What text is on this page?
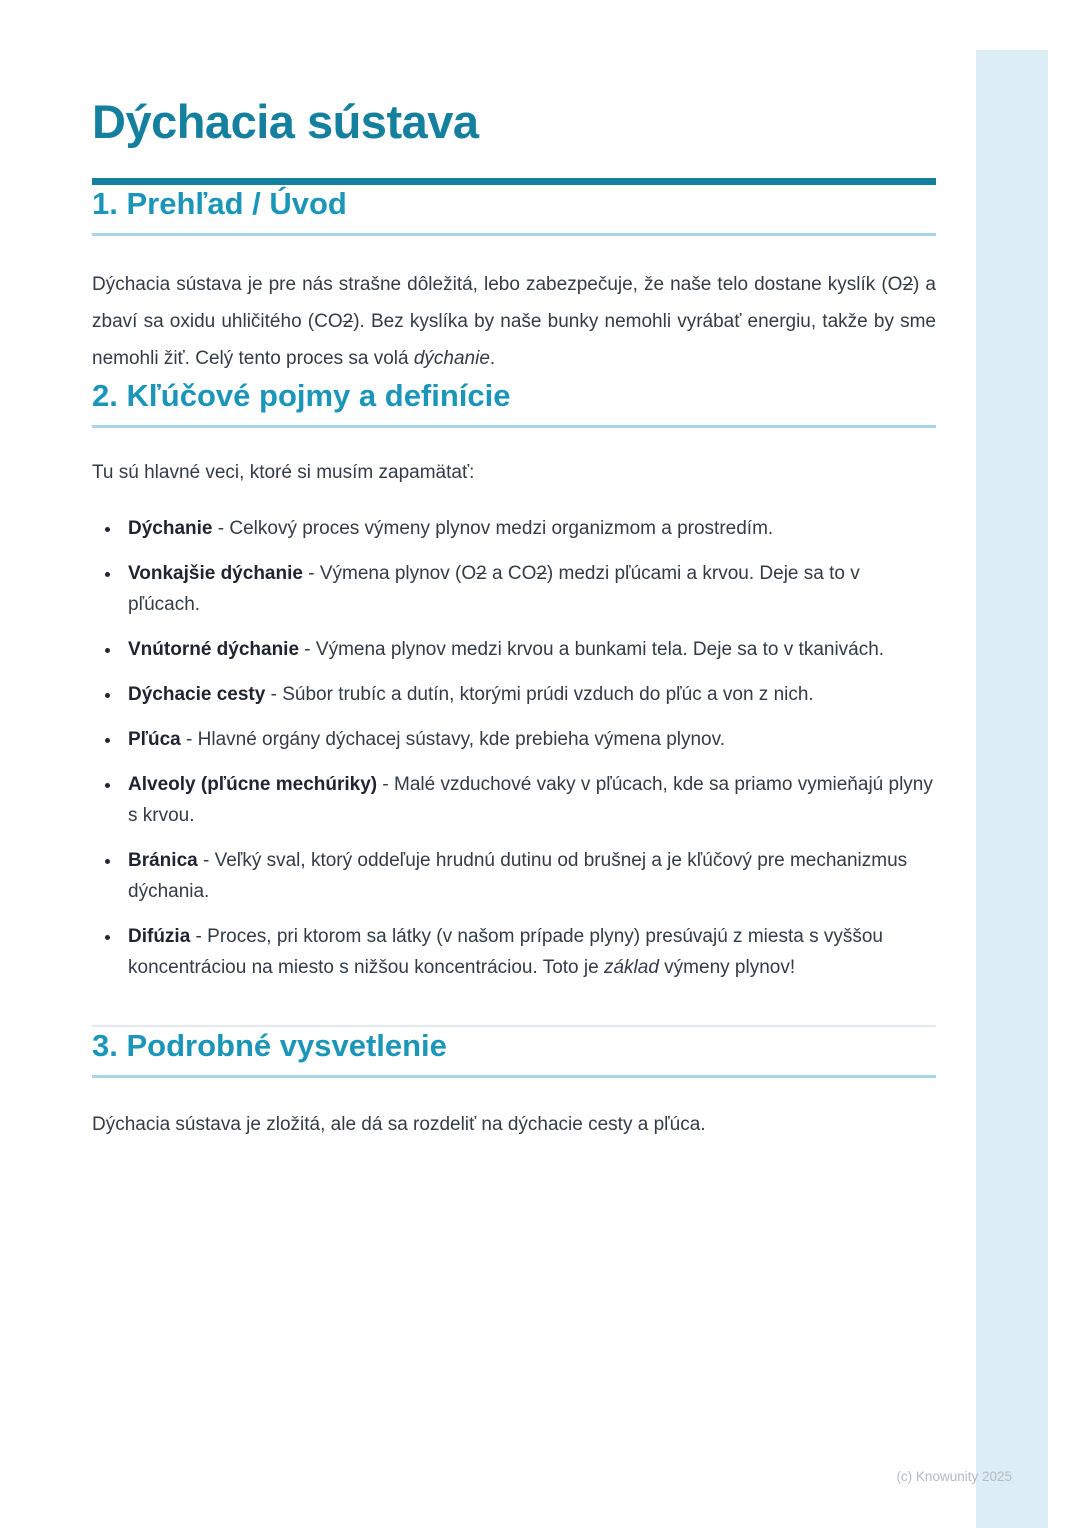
Dýchacia sústava
1. Prehľad / Úvod

Dýchacia sústava je pre nás strašne dôležitá, lebo zabezpečuje, že naše telo dostane kyslík (O2) a zbaví sa oxidu uhličitého (CO2). Bez kyslíka by naše bunky nemohli vyrábať energiu, takže by sme nemohli žiť. Celý tento proces sa volá dýchanie.

2. Kľúčové pojmy a definície

Tu sú hlavné veci, ktoré si musím zapamätať:

• Dýchanie - Celkový proces výmeny plynov medzi organizmom a prostredím.
• Vonkajšie dýchanie - Výmena plynov (O2 a CO2) medzi pľúcami a krvou. Deje sa to v pľúcach.
• Vnútorné dýchanie - Výmena plynov medzi krvou a bunkami tela. Deje sa to v tkanivách.
• Dýchacie cesty - Súbor trubíc a dutín, ktorými prúdi vzduch do pľúc a von z nich.
• Pľúca - Hlavné orgány dýchacej sústavy, kde prebieha výmena plynov.
• Alveoly (pľúcne mechúriky) - Malé vzduchové vaky v pľúcach, kde sa priamo vymieňajú plyny s krvou.
• Bránica - Veľký sval, ktorý oddeľuje hrudnú dutinu od brušnej a je kľúčový pre mechanizmus dýchania.
• Difúzia - Proces, pri ktorom sa látky (v našom prípade plyny) presúvajú z miesta s vyššou koncentráciou na miesto s nižšou koncentráciou. Toto je základ výmeny plynov!
3. Podrobné vysvetlenie

Dýchacia sústava je zložitá, ale dá sa rozdeliť na dýchacie cesty a pľúca.

(c) Knowunity 2025
